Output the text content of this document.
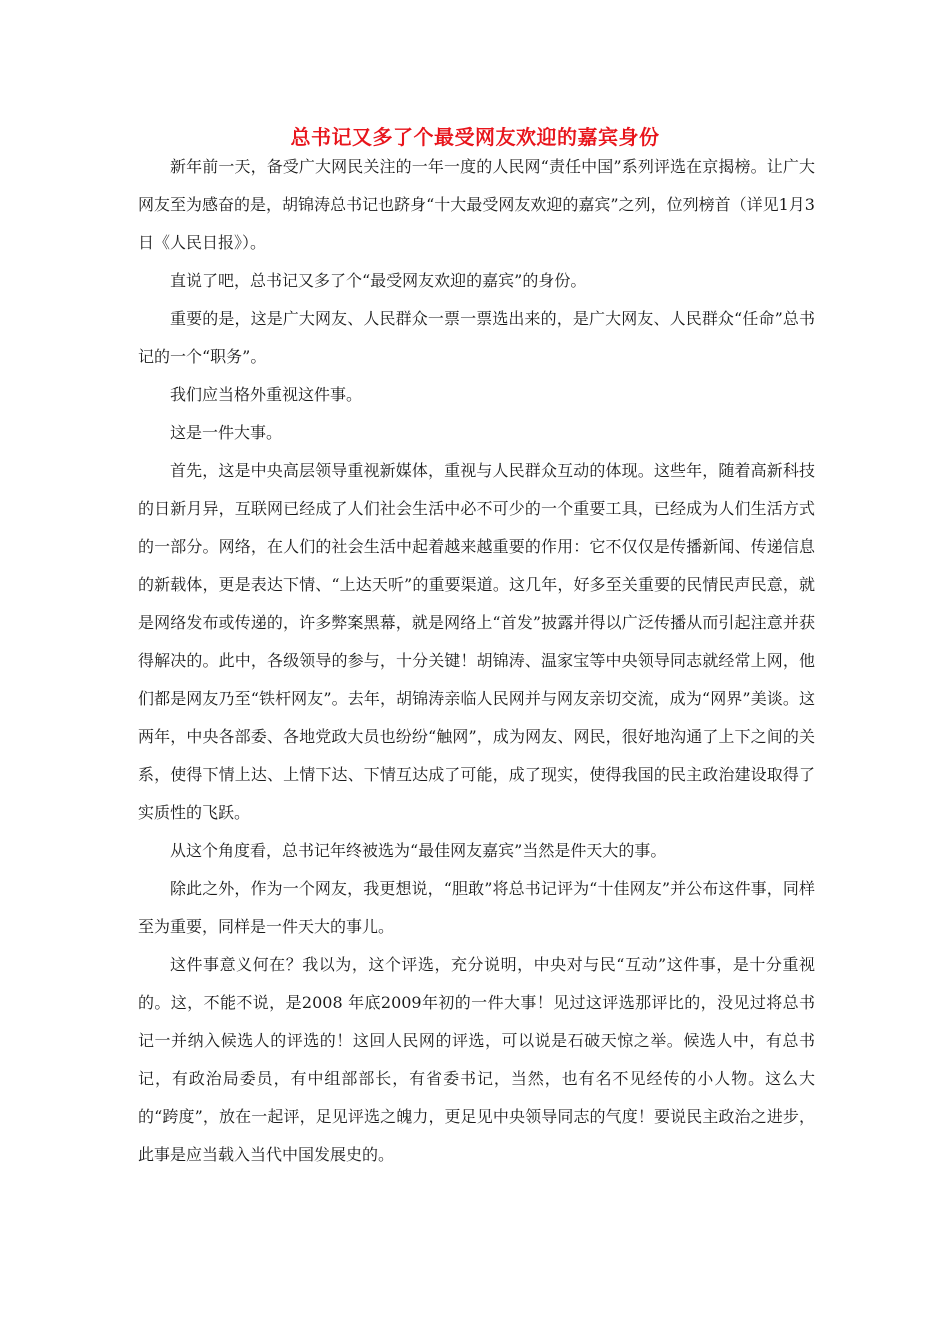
总书记又多了个最受网友欢迎的嘉宾身份

新年前一天，备受广大网民关注的一年一度的人民网“责任中国”系列评选在京揭榜。让广大网友至为感奋的是，胡锦涛总书记也跻身“十大最受网友欢迎的嘉宾”之列，位列榜首（详见1月3日《人民日报》）。

直说了吧，总书记又多了个“最受网友欢迎的嘉宾”的身份。

重要的是，这是广大网友、人民群众一票一票选出来的，是广大网友、人民群众“任命”总书记的一个“职务”。

我们应当格外重视这件事。

这是一件大事。

首先，这是中央高层领导重视新媒体，重视与人民群众互动的体现。这些年，随着高新科技的日新月异，互联网已经成了人们社会生活中必不可少的一个重要工具，已经成为人们生活方式的一部分。网络，在人们的社会生活中起着越来越重要的作用：它不仅仅是传播新闻、传递信息的新载体，更是表达下情、“上达天听”的重要渠道。这几年，好多至关重要的民情民声民意，就是网络发布或传递的，许多弊案黑幕，就是网络上“首发”披露并得以广泛传播从而引起注意并获得解决的。此中，各级领导的参与，十分关键！胡锦涛、温家宝等中央领导同志就经常上网，他们都是网友乃至“铁杆网友”。去年，胡锦涛亲临人民网并与网友亲切交流，成为“网界”美谈。这两年，中央各部委、各地党政大员也纷纷“触网”，成为网友、网民，很好地沟通了上下之间的关系，使得下情上达、上情下达、下情互达成了可能，成了现实，使得我国的民主政治建设取得了实质性的飞跃。

从这个角度看，总书记年终被选为“最佳网友嘉宾”当然是件天大的事。

除此之外，作为一个网友，我更想说，“胆敢”将总书记评为“十佳网友”并公布这件事，同样至为重要，同样是一件天大的事儿。

这件事意义何在？我以为，这个评选，充分说明，中央对与民“互动”这件事，是十分重视的。这，不能不说，是2008 年底2009年初的一件大事！见过这评选那评比的，没见过将总书记一并纳入候选人的评选的！这回人民网的评选，可以说是石破天惊之举。候选人中，有总书记，有政治局委员，有中组部部长，有省委书记，当然，也有名不见经传的小人物。这么大的“跨度”，放在一起评，足见评选之魄力，更足见中央领导同志的气度！要说民主政治之进步，此事是应当载入当代中国发展史的。
